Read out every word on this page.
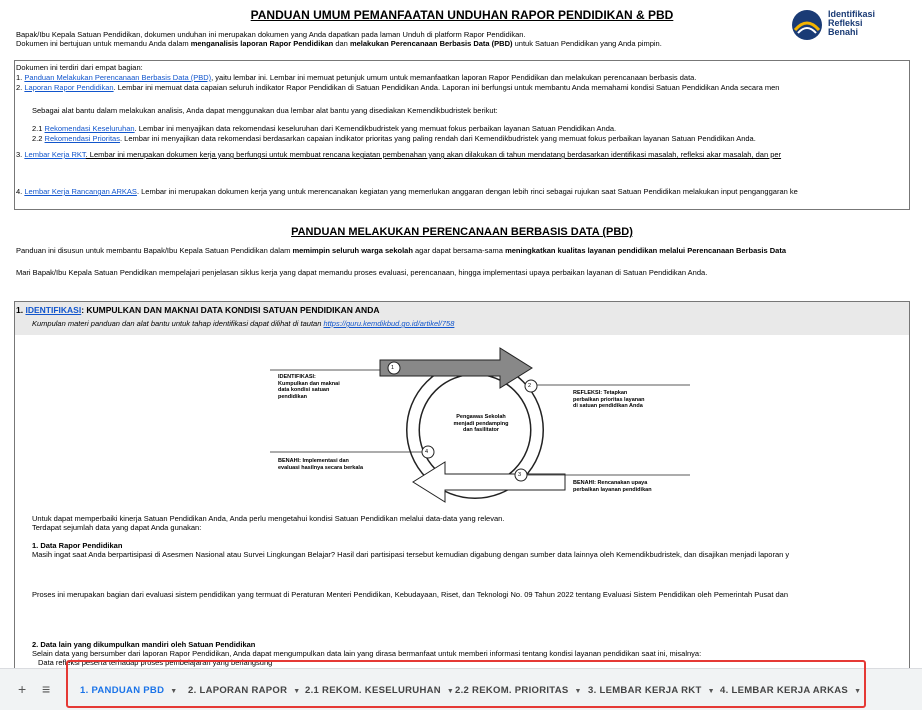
PANDUAN UMUM PEMANFAATAN UNDUHAN RAPOR PENDIDIKAN & PBD	Identifikasi
Refleksi
Benahi
Bapak/Ibu Kepala Satuan Pendidikan, dokumen unduhan ini merupakan dokumen yang Anda dapatkan pada laman Unduh di platform Rapor Pendidikan.
Dokumen ini bertujuan untuk memandu Anda dalam menganalisis laporan Rapor Pendidikan dan melakukan Perencanaan Berbasis Data (PBD) untuk Satuan Pendidikan yang Anda pimpin.
Dokumen ini terdiri dari empat bagian:
1. Panduan Melakukan Perencanaan Berbasis Data (PBD), yaitu lembar ini. Lembar ini memuat petunjuk umum untuk memanfaatkan laporan Rapor Pendidikan dan melakukan perencanaan berbasis data.
2. Laporan Rapor Pendidikan. Lembar ini memuat data capaian seluruh indikator Rapor Pendidikan di Satuan Pendidikan Anda. Laporan ini berfungsi untuk membantu Anda memahami kondisi Satuan Pendidikan Anda secara men
Sebagai alat bantu dalam melakukan analisis, Anda dapat menggunakan dua lembar alat bantu yang disediakan Kemendikbudristek berikut:
2.1 Rekomendasi Keseluruhan. Lembar ini menyajikan data rekomendasi keseluruhan dari Kemendikbudristek yang memuat fokus perbaikan layanan Satuan Pendidikan Anda.
2.2 Rekomendasi Prioritas. Lembar ini menyajikan data rekomendasi berdasarkan capaian indikator prioritas yang paling rendah dari Kemendikbudristek yang memuat fokus perbaikan layanan Satuan Pendidikan Anda.
3. Lembar Kerja RKT. Lembar ini merupakan dokumen kerja yang berfungsi untuk membuat rencana kegiatan pembenahan yang akan dilakukan di tahun mendatang berdasarkan identifikasi masalah, refleksi akar masalah, dan per
4. Lembar Kerja Rancangan ARKAS. Lembar ini merupakan dokumen kerja yang untuk merencanakan kegiatan yang memerlukan anggaran dengan lebih rinci sebagai rujukan saat Satuan Pendidikan melakukan input penganggaran ke
PANDUAN MELAKUKAN PERENCANAAN BERBASIS DATA (PBD)
Panduan ini disusun untuk membantu Bapak/Ibu Kepala Satuan Pendidikan dalam memimpin seluruh warga sekolah agar dapat bersama-sama meningkatkan kualitas layanan pendidikan melalui Perencanaan Berbasis Data
Mari Bapak/Ibu Kepala Satuan Pendidikan mempelajari penjelasan siklus kerja yang dapat memandu proses evaluasi, perencanaan, hingga implementasi upaya perbaikan layanan di Satuan Pendidikan Anda.
1. IDENTIFIKASI: KUMPULKAN DAN MAKNAI DATA KONDISI SATUAN PENDIDIKAN ANDA
Kumpulan materi panduan dan alat bantu untuk tahap identifikasi dapat dilihat di tautan https://guru.kemdikbud.go.id/artikel/758
1
2
3
4
IDENTIFIKASI:
Kumpulkan dan maknai
data kondisi satuan
pendidikan
REFLEKSI: Tetapkan
perbaikan prioritas layanan
di satuan pendidikan Anda
BENAHI: Rencanakan upaya
perbaikan layanan pendidikan
BENAHI: Implementasi dan
evaluasi hasilnya secara berkala
Pengawas Sekolah
menjadi pendamping
dan fasilitator
Untuk dapat memperbaiki kinerja Satuan Pendidikan Anda, Anda perlu mengetahui kondisi Satuan Pendidikan melalui data-data yang relevan.
Terdapat sejumlah data yang dapat Anda gunakan:
1. Data Rapor Pendidikan
Masih ingat saat Anda berpartisipasi di Asesmen Nasional atau Survei Lingkungan Belajar? Hasil dari partisipasi tersebut kemudian digabung dengan sumber data lainnya oleh Kemendikbudristek, dan disajikan menjadi laporan y
Proses ini merupakan bagian dari evaluasi sistem pendidikan yang termuat di Peraturan Menteri Pendidikan, Kebudayaan, Riset, dan Teknologi No. 09 Tahun 2022 tentang Evaluasi Sistem Pendidikan oleh Pemerintah Pusat dan
2. Data lain yang dikumpulkan mandiri oleh Satuan Pendidikan
Selain data yang bersumber dari laporan Rapor Pendidikan, Anda dapat mengumpulkan data lain yang dirasa bermanfaat untuk memberi informasi tentang kondisi layanan pendidikan saat ini, misalnya:
Data refleksi peserta terhadap proses pembelajaran yang berlangsung
+ ≡	1. PANDUAN PBD ▼ 2. LAPORAN RAPOR ▼ 2.1 REKOM. KESELURUHAN ▼ 2.2 REKOM. PRIORITAS ▼ 3. LEMBAR KERJA RKT ▼ 4. LEMBAR KERJA ARKAS ▼
